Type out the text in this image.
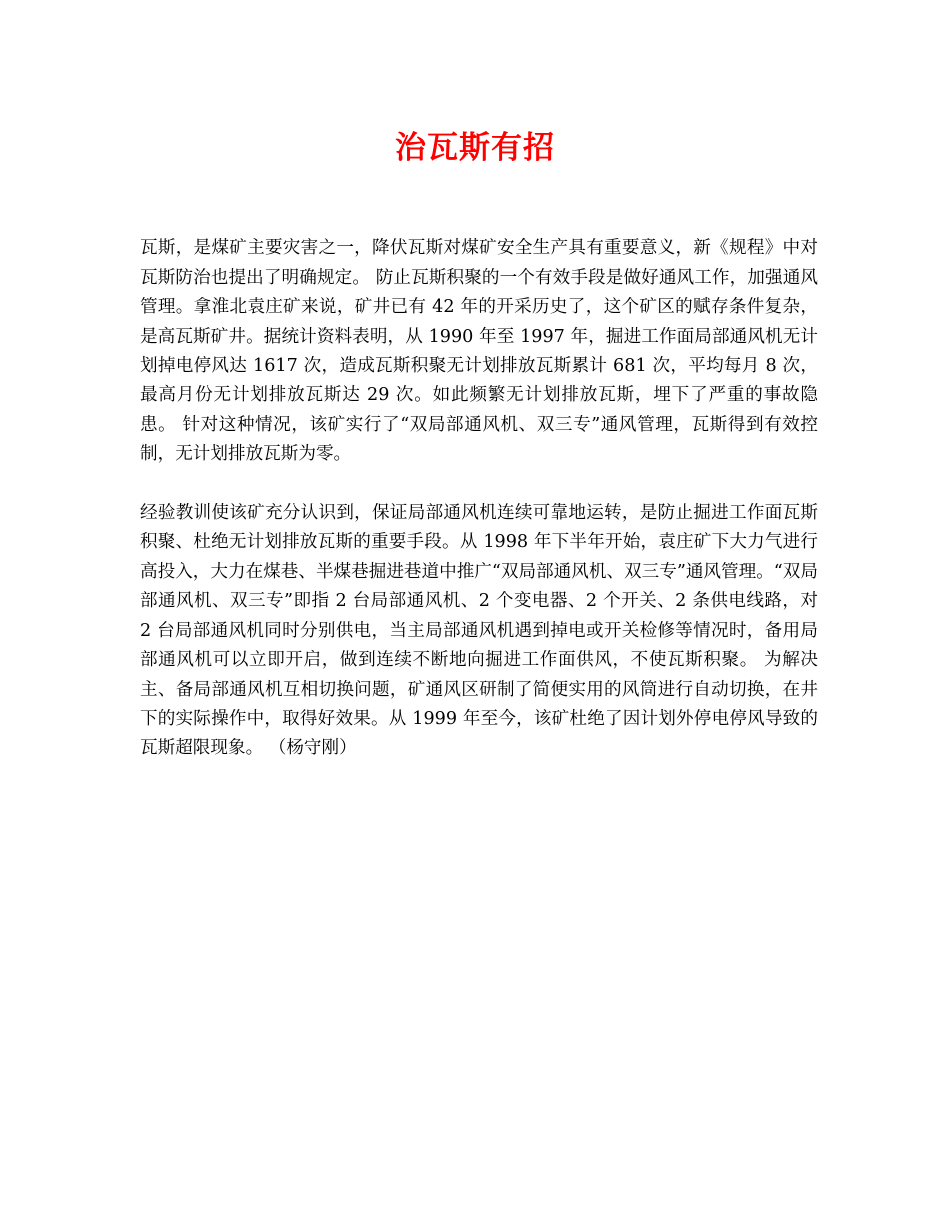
治瓦斯有招

瓦斯，是煤矿主要灾害之一，降伏瓦斯对煤矿安全生产具有重要意义，新《规程》中对瓦斯防治也提出了明确规定。 防止瓦斯积聚的一个有效手段是做好通风工作，加强通风管理。拿淮北袁庄矿来说，矿井已有 42 年的开采历史了，这个矿区的赋存条件复杂，是高瓦斯矿井。据统计资料表明，从 1990 年至 1997 年，掘进工作面局部通风机无计划掉电停风达 1617 次，造成瓦斯积聚无计划排放瓦斯累计 681 次，平均每月 8 次，最高月份无计划排放瓦斯达 29 次。如此频繁无计划排放瓦斯，埋下了严重的事故隐患。 针对这种情况，该矿实行了“双局部通风机、双三专”通风管理，瓦斯得到有效控制，无计划排放瓦斯为零。

经验教训使该矿充分认识到，保证局部通风机连续可靠地运转，是防止掘进工作面瓦斯积聚、杜绝无计划排放瓦斯的重要手段。从 1998 年下半年开始，袁庄矿下大力气进行高投入，大力在煤巷、半煤巷掘进巷道中推广“双局部通风机、双三专”通风管理。“双局部通风机、双三专”即指 2 台局部通风机、2 个变电器、2 个开关、2 条供电线路，对 2 台局部通风机同时分别供电，当主局部通风机遇到掉电或开关检修等情况时，备用局部通风机可以立即开启，做到连续不断地向掘进工作面供风，不使瓦斯积聚。 为解决主、备局部通风机互相切换问题，矿通风区研制了简便实用的风筒进行自动切换，在井下的实际操作中，取得好效果。从 1999 年至今，该矿杜绝了因计划外停电停风导致的瓦斯超限现象。 （杨守刚）
